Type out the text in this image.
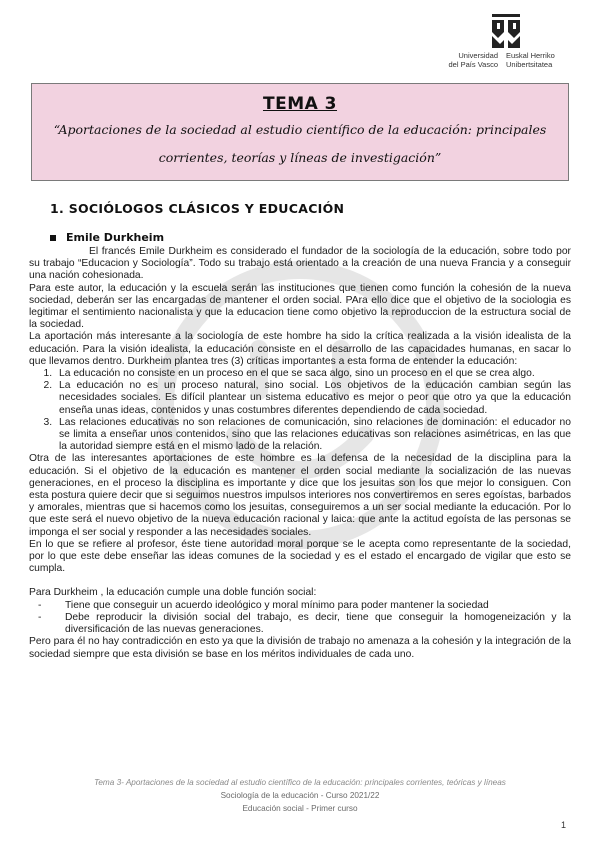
Universidad
del País Vasco
Euskal Herriko
Unibertsitatea
TEMA 3
“Aportaciones de la sociedad al estudio científico de la educación: principales corrientes, teorías y líneas de investigación”
1. SOCIÓLOGOS CLÁSICOS Y EDUCACIÓN
Emile Durkheim

El francés Emile Durkheim es considerado el fundador de la sociología de la educación, sobre todo por su trabajo “Educacion y Sociología”. Todo su trabajo está orientado a la creación de una nueva Francia y a conseguir una nación cohesionada.

Para este autor, la educación y la escuela serán las instituciones que tienen como función la cohesión de la nueva sociedad, deberán ser las encargadas de mantener el orden social. PAra ello dice que el objetivo de la sociologia es legitimar el sentimiento nacionalista y que la educacion tiene como objetivo la reproduccion de la estructura social de la sociedad.

La aportación más interesante a la sociología de este hombre ha sido la crítica realizada a la visión idealista de la educación. Para la visión idealista, la educación consiste en el desarrollo de las capacidades humanas, en sacar lo que llevamos dentro. Durkheim plantea tres (3) críticas importantes a esta forma de entender la educación:

1. La educación no consiste en un proceso en el que se saca algo, sino un proceso en el que se crea algo.
2. La educación no es un proceso natural, sino social. Los objetivos de la educación cambian según las necesidades sociales. Es difícil plantear un sistema educativo es mejor o peor que otro ya que la educación enseña unas ideas, contenidos y unas costumbres diferentes dependiendo de cada sociedad.
3. Las relaciones educativas no son relaciones de comunicación, sino relaciones de dominación: el educador no se limita a enseñar unos contenidos, sino que las relaciones educativas son relaciones asimétricas, en las que la autoridad siempre está en el mismo lado de la relación.

Otra de las interesantes aportaciones de este hombre es la defensa de la necesidad de la disciplina para la educación. Si el objetivo de la educación es mantener el orden social mediante la socialización de las nuevas generaciones, en el proceso la disciplina es importante y dice que los jesuitas son los que mejor lo consiguen. Con esta postura quiere decir que si seguimos nuestros impulsos interiores nos convertiremos en seres egoístas, barbados y amorales, mientras que si hacemos como los jesuitas, conseguiremos a un ser social mediante la educación. Por lo que este será el nuevo objetivo de la nueva educación racional y laica: que ante la actitud egoísta de las personas se imponga el ser social y responder a las necesidades sociales.

En lo que se refiere al profesor, éste tiene autoridad moral porque se le acepta como representante de la sociedad, por lo que este debe enseñar las ideas comunes de la sociedad y es el estado el encargado de vigilar que esto se cumpla.

Para Durkheim , la educación cumple una doble función social:

- Tiene que conseguir un acuerdo ideológico y moral mínimo para poder mantener la sociedad
- Debe reproducir la división social del trabajo, es decir, tiene que conseguir la homogeneización y la diversificación de las nuevas generaciones.

Pero para él no hay contradicción en esto ya que la división de trabajo no amenaza a la cohesión y la integración de la sociedad siempre que esta división se base en los méritos individuales de cada uno.

Tema 3- Aportaciones de la sociedad al estudio científico de la educación: principales corrientes, teóricas y líneas
Sociología de la educación - Curso 2021/22
Educación social - Primer curso
1
